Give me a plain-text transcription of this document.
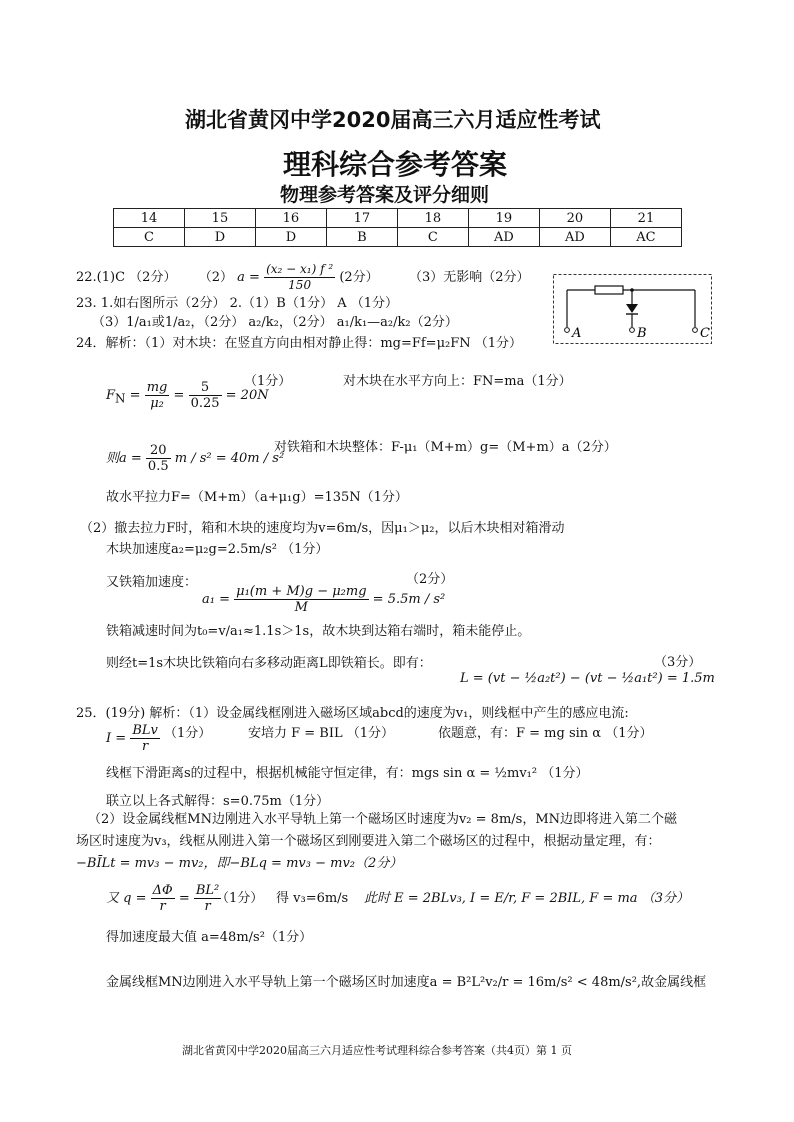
湖北省黄冈中学2020届高三六月适应性考试
理科综合参考答案
物理参考答案及评分细则
14	15	16	17	18	19	20	21
C	D	D	B	C	AD	AD	AC
22.(1)C （2分） （2） $a = \frac{\text{(x₂ − x₁) f ²}}{150} (2$分） （3）无影响（2分）
23. 1.如右图所示（2分） 2.（1）B（1分） A （1分）
（3）1/a₁或1/a₂，（2分） a₂/k₂，（2分） a₁/k₁—a₂/k₂（2分）
A	B	C
24．解析：（1）对木块：在竖直方向由相对静止得：mg=Ff=μ₂FN （1分）
$F_N = \frac{mg}{\text{μ₂}} = \frac{5}{0.25} = 20N$
（1分）	对木块在水平方向上：FN=ma（1分）
则$a = \frac{20}{0.5}$ m / s² = 40m / s²
对铁箱和木块整体：F-μ₁（M+m）g=（M+m）a（2分）
故水平拉力F=（M+m）（a+μ₁g）=135N（1分）
（2）撤去拉力F时，箱和木块的速度均为v=6m/s，因μ₁＞μ₂，以后木块相对箱滑动
木块加速度a₂=μ₂g=2.5m/s² （1分）
又铁箱加速度：
$a_1 = \frac{\text{μ₁(m + M)g − μ₂mg}}{M} = 5.5m / s^2$
（2分）
铁箱减速时间为t₀=v/a₁≈1.1s＞1s，故木块到达箱右端时，箱未能停止。
则经t=1s木块比铁箱向右多移动距离L即铁箱长。即有：	（3分）
L = (vt − ½a₂t²) − (vt − ½a₁t²) = 1.5m
25．(19分) 解析：（1）设金属线框刚进入磁场区域abcd的速度为v₁，则线框中产生的感应电流:
$I = \frac{\text{BLv}}{r} (1$分）	安培力 F = BIL （1分）	依题意，有：F = mg sin α （1分）
线框下滑距离s的过程中，根据机械能守恒定律，有：mgs sin α = ½mv₁² （1分）
联立以上各式解得：s=0.75m（1分）
（2）设金属线框MN边刚进入水平导轨上第一个磁场区时速度为v₂ = 8m/s，MN边即将进入第二个磁
场区时速度为v₃，线框从刚进入第一个磁场区到刚要进入第二个磁场区的过程中，根据动量定理，有：
−BĪLt = mv₃ − mv₂，即−BLq = mv₃ − mv₂（2分）
又 $q = \frac{\Delta\Phi}{r} = \frac{\text{BL²}}{r}$
（1分） 得 v₃=6m/s 此时 E = 2BLv₃, I = E/r, F = 2BIL, F = ma （3分）
得加速度最大值 a=48m/s²（1分）
金属线框MN边刚进入水平导轨上第一个磁场区时加速度a = B²L²v₂/r = 16m/s² < 48m/s²,故金属线框
湖北省黄冈中学2020届高三六月适应性考试理科综合参考答案（共4页）第 1 页
